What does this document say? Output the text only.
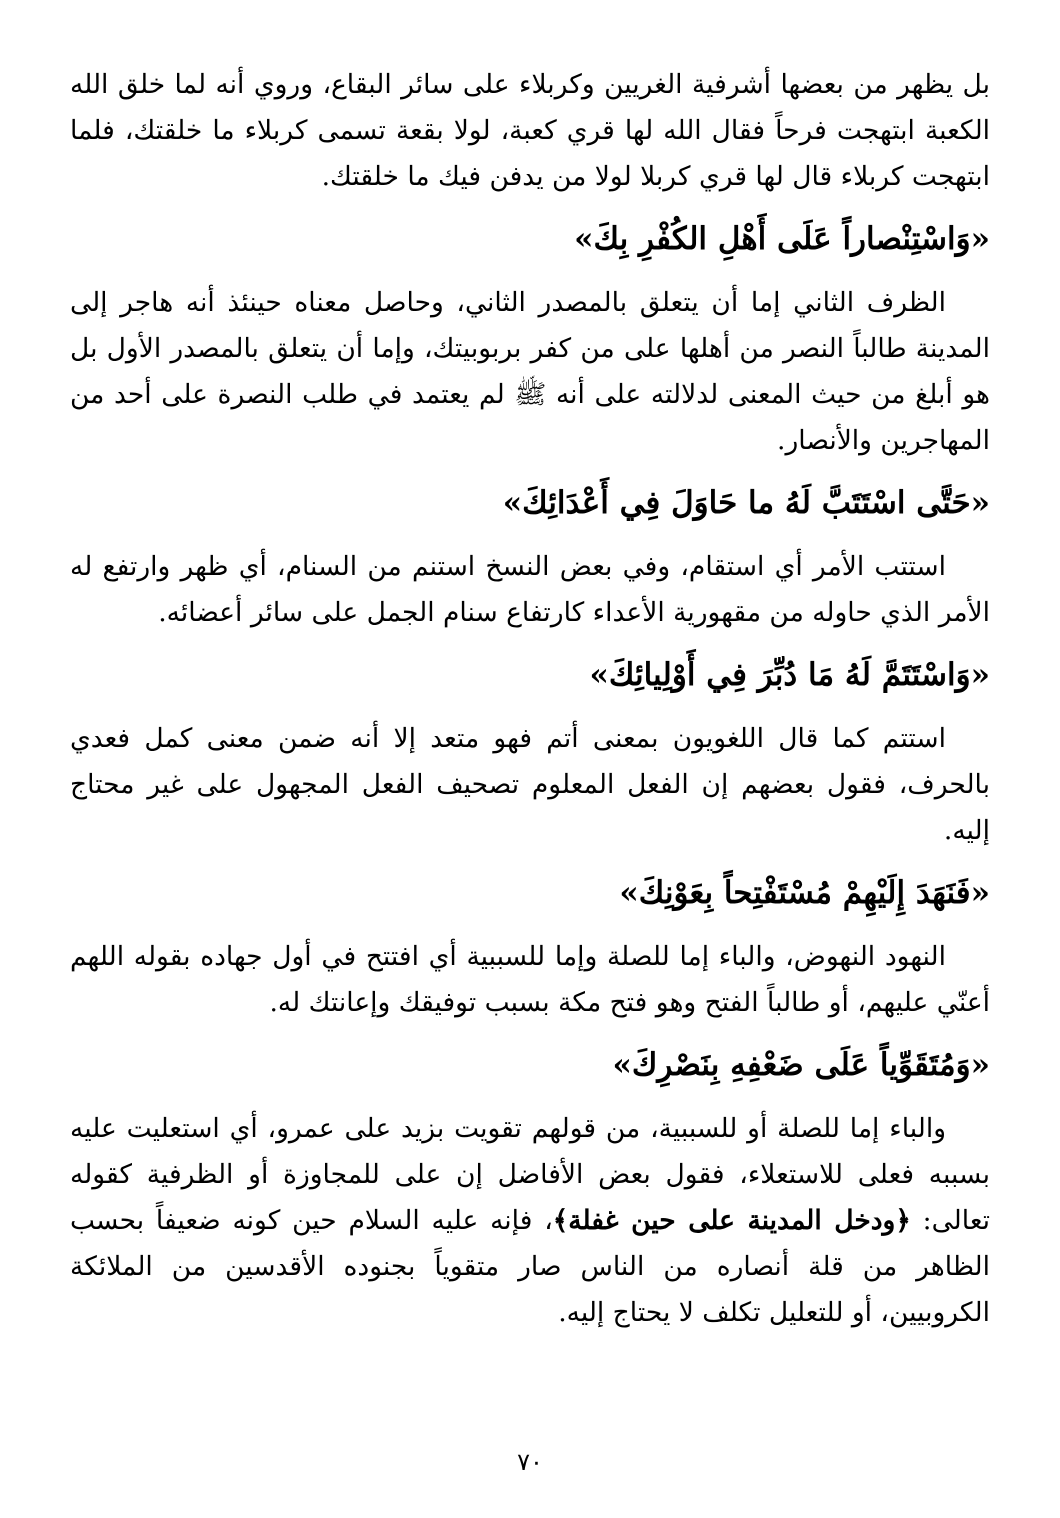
بل يظهر من بعضها أشرفية الغريين وكربلاء على سائر البقاع، وروي أنه لما خلق الله الكعبة ابتهجت فرحاً فقال الله لها قري كعبة، لولا بقعة تسمى كربلاء ما خلقتك، فلما ابتهجت كربلاء قال لها قري كربلا لولا من يدفن فيك ما خلقتك.

«وَاسْتِنْصاراً عَلَى أَهْلِ الكُفْرِ بِكَ»

الظرف الثاني إما أن يتعلق بالمصدر الثاني، وحاصل معناه حينئذ أنه هاجر إلى المدينة طالباً النصر من أهلها على من كفر بربوبيتك، وإما أن يتعلق بالمصدر الأول بل هو أبلغ من حيث المعنى لدلالته على أنه ﷺ لم يعتمد في طلب النصرة على أحد من المهاجرين والأنصار.

«حَتَّى اسْتَتَبَّ لَهُ ما حَاوَلَ فِي أَعْدَائِكَ»

استتب الأمر أي استقام، وفي بعض النسخ استنم من السنام، أي ظهر وارتفع له الأمر الذي حاوله من مقهورية الأعداء كارتفاع سنام الجمل على سائر أعضائه.

«وَاسْتَتَمَّ لَهُ مَا دُبِّرَ فِي أَوْلِيائِكَ»

استتم كما قال اللغويون بمعنى أتم فهو متعد إلا أنه ضمن معنى كمل فعدي بالحرف، فقول بعضهم إن الفعل المعلوم تصحيف الفعل المجهول على غير محتاج إليه.

«فَنَهَدَ إِلَيْهِمْ مُسْتَفْتِحاً بِعَوْنِكَ»

النهود النهوض، والباء إما للصلة وإما للسببية أي افتتح في أول جهاده بقوله اللهم أعنّي عليهم، أو طالباً الفتح وهو فتح مكة بسبب توفيقك وإعانتك له.

«وَمُتَقَوِّياً عَلَى ضَعْفِهِ بِنَصْرِكَ»

والباء إما للصلة أو للسببية، من قولهم تقويت بزيد على عمرو، أي استعليت عليه بسببه فعلى للاستعلاء، فقول بعض الأفاضل إن على للمجاوزة أو الظرفية كقوله تعالى: ﴿ودخل المدينة على حين غفلة﴾، فإنه عليه السلام حين كونه ضعيفاً بحسب الظاهر من قلة أنصاره من الناس صار متقوياً بجنوده الأقدسين من الملائكة الكروبيين، أو للتعليل تكلف لا يحتاج إليه.

٧٠
